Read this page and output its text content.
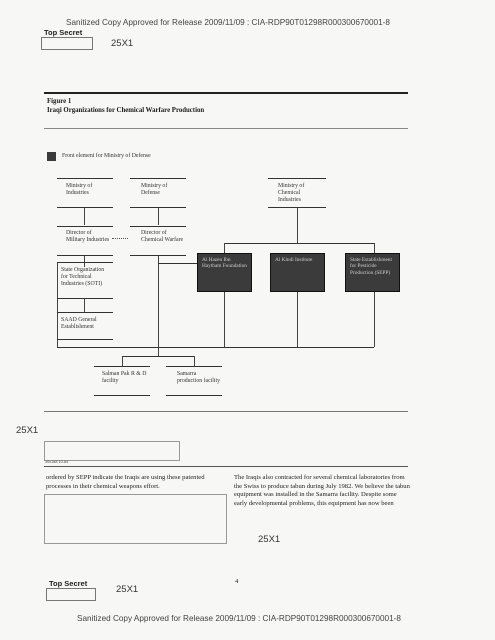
Sanitized Copy Approved for Release 2009/11/09 : CIA-RDP90T01298R000300670001-8
Top Secret
25X1
Figure 1
Iraqi Organizations for Chemical Warfare Production
Front element for Ministry of Defense
Ministry of Industries
Ministry of Defense
Ministry of Chemical Industries
Director of Military Industries
Director of Chemical Warfare
State Organization for Technical Industries (SOTI)
SAAD General Establishment
Al Hazen Ibn Haytham Foundation
Al Kindi Institute	State Establishment for Pesticide Production (SEPP)
Salman Pak R & D facility
Samarra production facility
25X1
30x188 10-84
ordered by SEPP indicate the Iraqis are using these patented processes in their chemical weapons effort.
The Iraqis also contracted for several chemical laboratories from the Swiss to produce tabun during July 1982. We believe the tabun equipment was installed in the Samarra facility. Despite some early developmental problems, this equipment has now been
25X1
Top Secret
25X1
4
Sanitized Copy Approved for Release 2009/11/09 : CIA-RDP90T01298R000300670001-8
